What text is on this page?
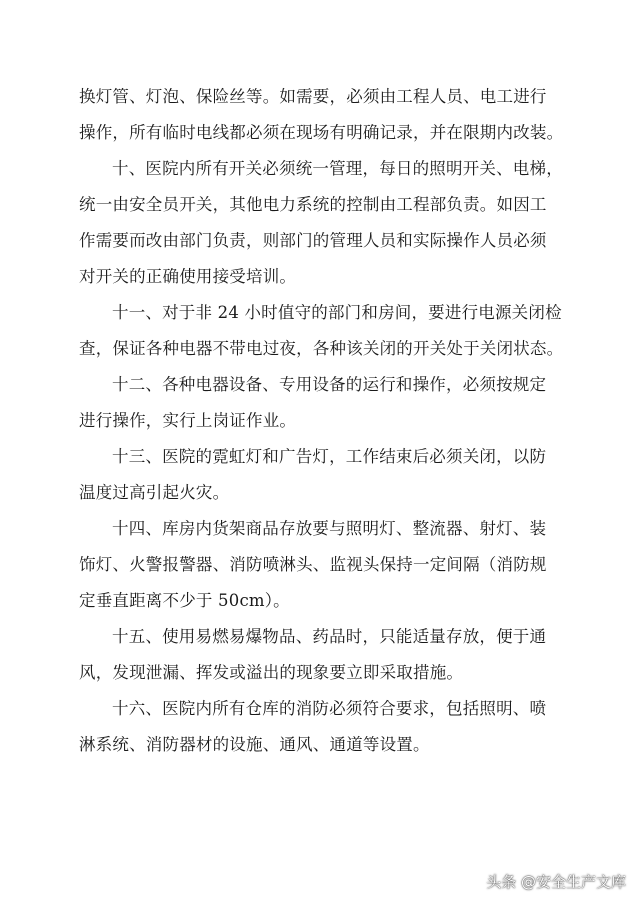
换灯管、灯泡、保险丝等。如需要，必须由工程人员、电工进行
操作，所有临时电线都必须在现场有明确记录，并在限期内改装。
十、医院内所有开关必须统一管理，每日的照明开关、电梯，
统一由安全员开关，其他电力系统的控制由工程部负责。如因工
作需要而改由部门负责，则部门的管理人员和实际操作人员必须
对开关的正确使用接受培训。
十一、对于非 24 小时值守的部门和房间，要进行电源关闭检
查，保证各种电器不带电过夜，各种该关闭的开关处于关闭状态。
十二、各种电器设备、专用设备的运行和操作，必须按规定
进行操作，实行上岗证作业。
十三、医院的霓虹灯和广告灯，工作结束后必须关闭，以防
温度过高引起火灾。
十四、库房内货架商品存放要与照明灯、整流器、射灯、装
饰灯、火警报警器、消防喷淋头、监视头保持一定间隔（消防规
定垂直距离不少于 50cm）。
十五、使用易燃易爆物品、药品时，只能适量存放，便于通
风，发现泄漏、挥发或溢出的现象要立即采取措施。
十六、医院内所有仓库的消防必须符合要求，包括照明、喷
淋系统、消防器材的设施、通风、通道等设置。
头条 @安全生产文库
